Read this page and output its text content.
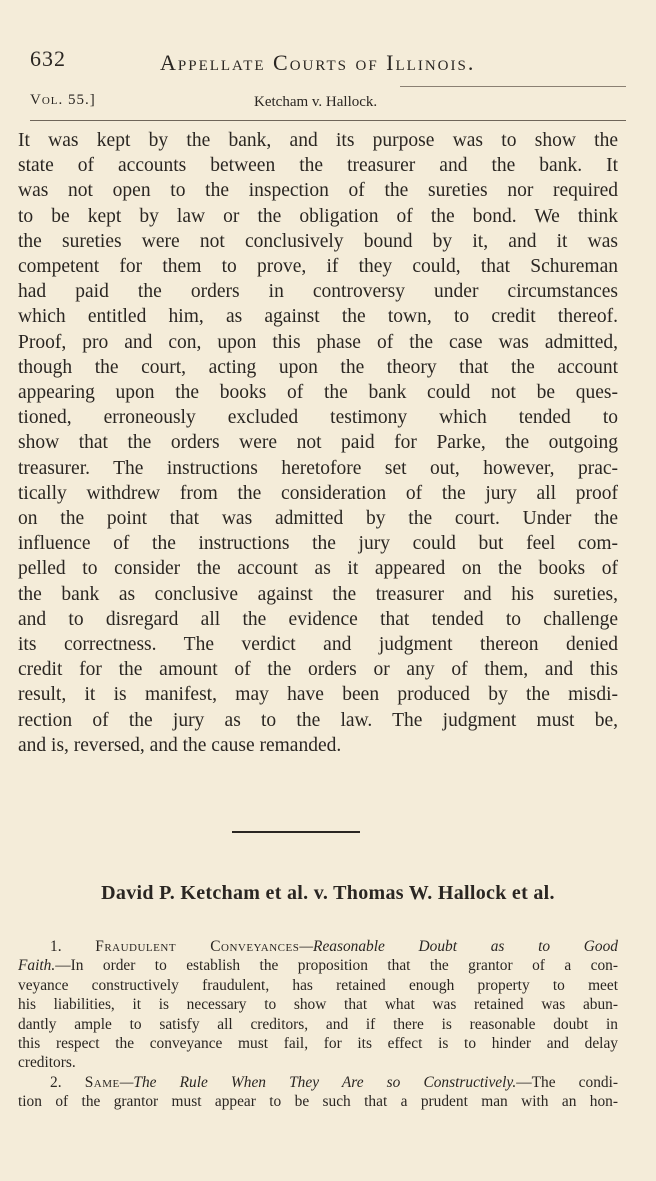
632	Appellate Courts of Illinois.
Vol. 55.]	Ketcham v. Hallock.
It was kept by the bank, and its purpose was to show the
state of accounts between the treasurer and the bank. It
was not open to the inspection of the sureties nor required
to be kept by law or the obligation of the bond. We think
the sureties were not conclusively bound by it, and it was
competent for them to prove, if they could, that Schureman
had paid the orders in controversy under circumstances
which entitled him, as against the town, to credit thereof.
Proof, pro and con, upon this phase of the case was admitted,
though the court, acting upon the theory that the account
appearing upon the books of the bank could not be ques-
tioned, erroneously excluded testimony which tended to
show that the orders were not paid for Parke, the outgoing
treasurer. The instructions heretofore set out, however, prac-
tically withdrew from the consideration of the jury all proof
on the point that was admitted by the court. Under the
influence of the instructions the jury could but feel com-
pelled to consider the account as it appeared on the books of
the bank as conclusive against the treasurer and his sureties,
and to disregard all the evidence that tended to challenge
its correctness. The verdict and judgment thereon denied
credit for the amount of the orders or any of them, and this
result, it is manifest, may have been produced by the misdi-
rection of the jury as to the law. The judgment must be,
and is, reversed, and the cause remanded.
David P. Ketcham et al. v. Thomas W. Hallock et al.
1. Fraudulent Conveyances—Reasonable Doubt as to Good
Faith.—In order to establish the proposition that the grantor of a con-
veyance constructively fraudulent, has retained enough property to meet
his liabilities, it is necessary to show that what was retained was abun-
dantly ample to satisfy all creditors, and if there is reasonable doubt in
this respect the conveyance must fail, for its effect is to hinder and delay
creditors.
2. Same—The Rule When They Are so Constructively.—The condi-
tion of the grantor must appear to be such that a prudent man with an hon-
